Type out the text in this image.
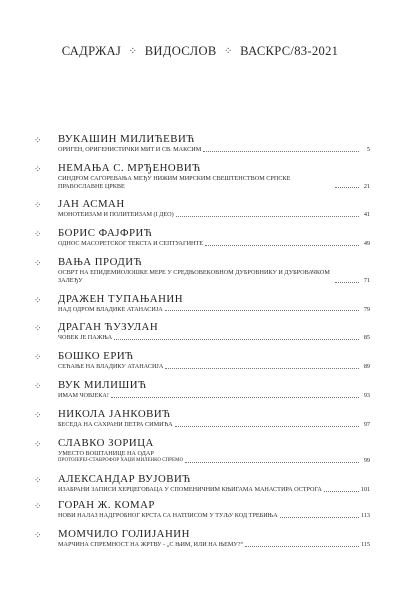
САДРЖАЈ ⁘ ВИДОСЛОВ ⁘ ВАСКРС/83-2021
⁘ ВУКАШИН МИЛИЋЕВИЋ
ОРИГЕН, ОРИГЕНИСТИЧКИ МИТ И СВ. МАКСИМ	5
⁘ НЕМАЊА С. МРЂЕНОВИЋ
СИНДРОМ САГОРЕВАЊА МЕЂУ НИЖИМ МИРСКИМ СВЕШТЕНСТВОМ СРПСКЕ ПРАВОСЛАВНЕ ЦРКВЕ	21
⁘ ЈАН АСМАН
МОНОТЕИЗАМ И ПОЛИТЕИЗАМ (I ДЕО)	41
⁘ БОРИС ФАЈФРИЋ
ОДНОС МАСОРЕТСКОГ ТЕКСТА И СЕПТУАГИНТЕ	49
⁘ ВАЊА ПРОДИЋ
ОСВРТ НА ЕПИДЕМИОЛОШКЕ МЕРЕ У СРЕДЊОВЕКОВНОМ ДУБРОВНИКУ И ДУБРОВАЧКОМ ЗАЛЕЂУ	71
⁘ ДРАЖЕН ТУПАЊАНИН
НАД ОДРОМ ВЛАДИКЕ АТАНАСИЈА	79
⁘ ДРАГАН ЋУЗУЛАН
ЧОВЕК ЈЕ ПАЖЊА	85
⁘ БОШКО ЕРИЋ
СЕЋАЊЕ НА ВЛАДИКУ АТАНАСИЈА	89
⁘ ВУК МИЛИШИЋ
ИМАМ ЧОВЈЕКА!	93
⁘ НИКОЛА ЈАНКОВИЋ
БЕСЕДА НА САХРАНИ ПЕТРА СИМИЋА	97
⁘ СЛАВКО ЗОРИЦА
УМЕСТО ВОШТАНИЦЕ НА ОДАР
ПРОТОЈЕРЕЈ-СТАВРОФОР ХАЏИ МИЛЕНКО СПРЕМО	99
⁘ АЛЕКСАНДАР ВУЈОВИЋ
ИЗАБРАНИ ЗАПИСИ ХЕРЦЕГОВАЦА У СПОМЕНИЧНИМ КЊИГАМА МАНАСТИРА ОСТРОГА	101
⁘ ГОРАН Ж. КОМАР
НОВИ НАЛАЗ НАДГРОБНОГ КРСТА СА НАТПИСОМ У ТУЉУ КОД ТРЕБИЊА	113
⁘ МОМЧИЛО ГОЛИЈАНИН
МАРЧИНА СПРЕМНОСТ НА ЖРТВУ - „С ЊИМ, ИЛИ НА ЊЕМУ?“	115
